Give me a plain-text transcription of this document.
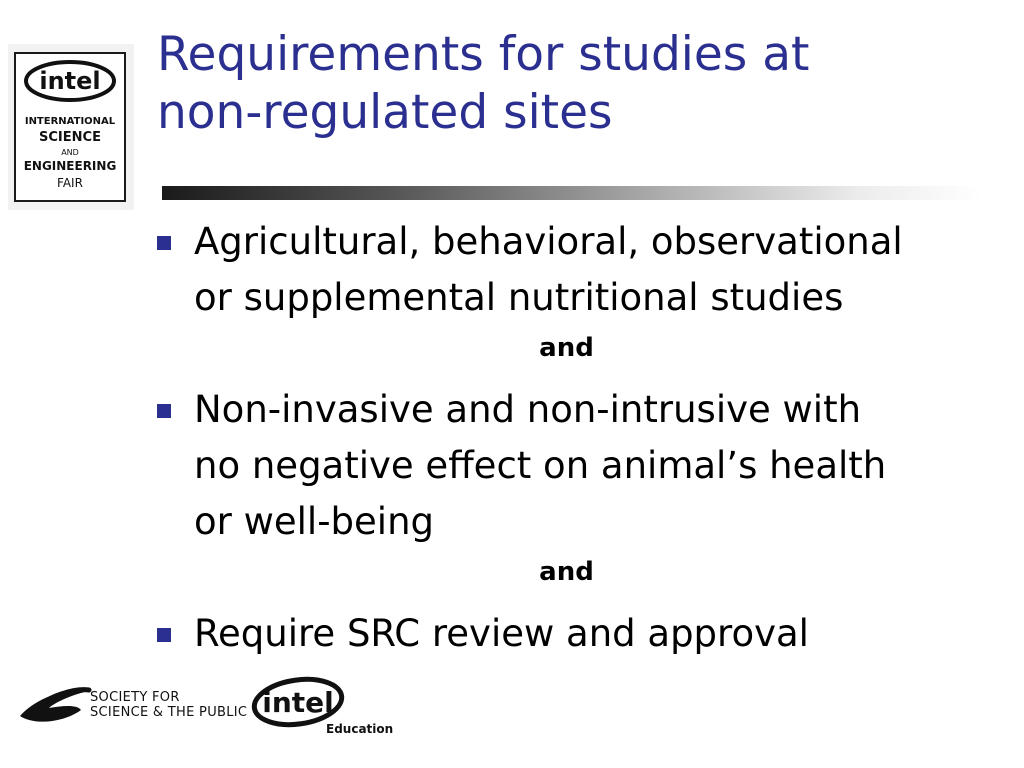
intel
INTERNATIONAL
SCIENCE
AND
ENGINEERING
FAIR
Requirements for studies at
non-regulated sites
Agricultural, behavioral, observational
or supplemental nutritional studies
and
Non-invasive and non-intrusive with
no negative effect on animal’s health
or well-being
and
Require SRC review and approval
SOCIETY FOR
SCIENCE & THE PUBLIC intel
Education
